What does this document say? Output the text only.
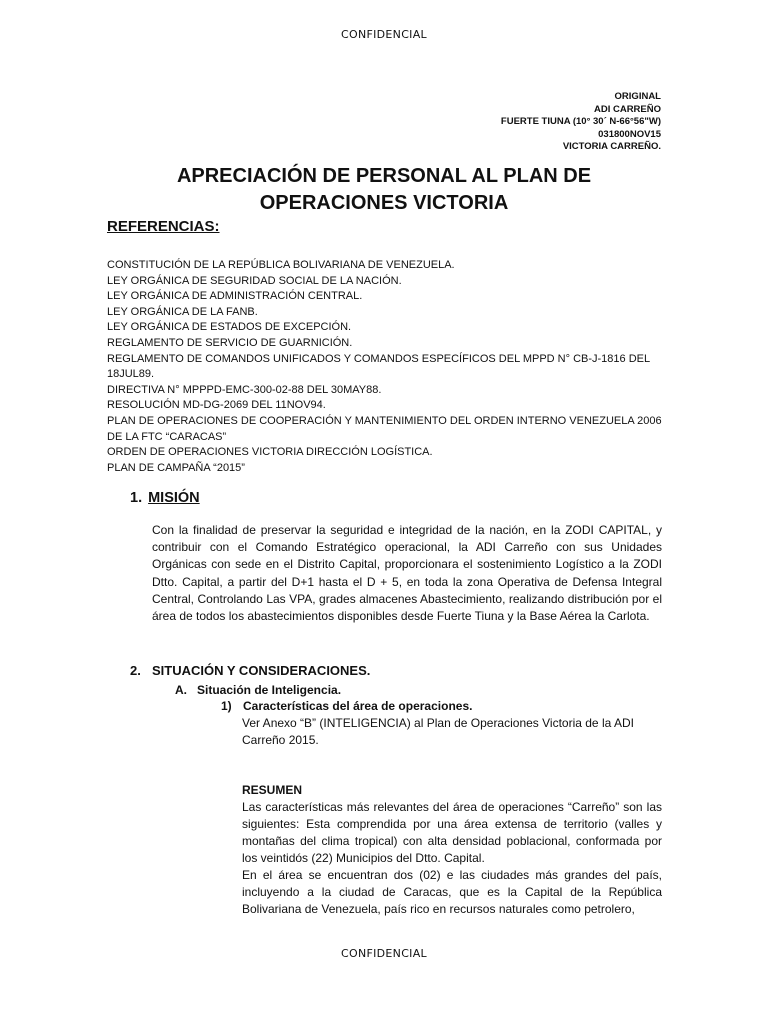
CONFIDENCIAL
ORIGINAL
ADI CARREÑO
FUERTE TIUNA (10° 30´ N-66°56"W)
031800NOV15
VICTORIA CARREÑO.
APRECIACIÓN DE PERSONAL AL PLAN DE
OPERACIONES VICTORIA
REFERENCIAS:
CONSTITUCIÓN DE LA REPÚBLICA BOLIVARIANA DE VENEZUELA.
LEY ORGÁNICA DE SEGURIDAD SOCIAL DE LA NACIÓN.
LEY ORGÁNICA DE ADMINISTRACIÓN CENTRAL.
LEY ORGÁNICA DE LA FANB.
LEY ORGÁNICA DE ESTADOS DE EXCEPCIÓN.
REGLAMENTO DE SERVICIO DE GUARNICIÓN.
REGLAMENTO DE COMANDOS UNIFICADOS Y COMANDOS ESPECÍFICOS DEL MPPD N° CB-J-1816 DEL 18JUL89.
DIRECTIVA N° MPPPD-EMC-300-02-88 DEL 30MAY88.
RESOLUCIÓN MD-DG-2069 DEL 11NOV94.
PLAN DE OPERACIONES DE COOPERACIÓN Y MANTENIMIENTO DEL ORDEN INTERNO VENEZUELA 2006 DE LA FTC “CARACAS”
ORDEN DE OPERACIONES VICTORIA DIRECCIÓN LOGÍSTICA.
PLAN DE CAMPAÑA “2015”
1. MISIÓN
Con la finalidad de preservar la seguridad e integridad de la nación, en la ZODI CAPITAL, y contribuir con el Comando Estratégico operacional, la ADI Carreño con sus Unidades Orgánicas con sede en el Distrito Capital, proporcionara el sostenimiento Logístico a la ZODI Dtto. Capital, a partir del D+1 hasta el D + 5, en toda la zona Operativa de Defensa Integral Central, Controlando Las VPA, grades almacenes Abastecimiento, realizando distribución por el área de todos los abastecimientos disponibles desde Fuerte Tiuna y la Base Aérea la Carlota.
2. SITUACIÓN Y CONSIDERACIONES.
A. Situación de Inteligencia.
1) Características del área de operaciones.
Ver Anexo “B” (INTELIGENCIA) al Plan de Operaciones Victoria de la ADI Carreño 2015.
RESUMEN
Las características más relevantes del área de operaciones “Carreño” son las siguientes: Esta comprendida por una área extensa de territorio (valles y montañas del clima tropical) con alta densidad poblacional, conformada por los veintidós (22) Municipios del Dtto. Capital.
En el área se encuentran dos (02) e las ciudades más grandes del país, incluyendo a la ciudad de Caracas, que es la Capital de la República Bolivariana de Venezuela, país rico en recursos naturales como petrolero,
CONFIDENCIAL
